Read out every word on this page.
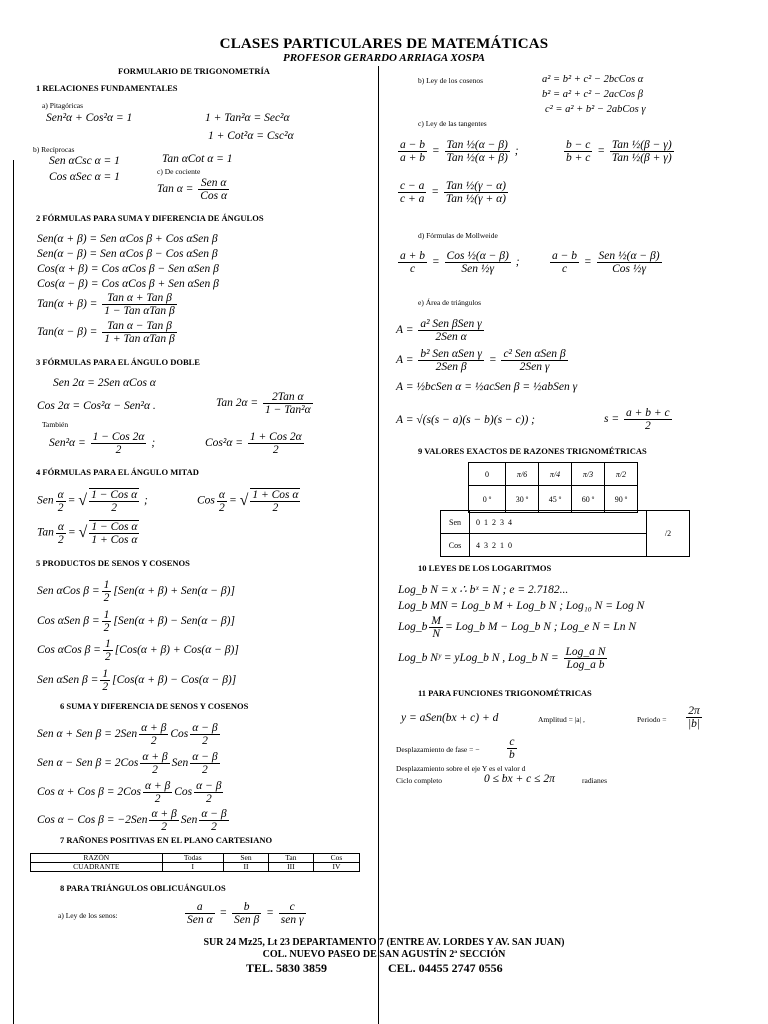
CLASES PARTICULARES DE MATEMÁTICAS
PROFESOR GERARDO ARRIAGA XOSPA
FORMULARIO DE TRIGONOMETRÍA
1 RELACIONES FUNDAMENTALES
a) Pitagóricas
Sen²α + Cos²α = 1	1 + Tan²α = Sec²α
1 + Cot²α = Csc²α
b) Recíprocas
Sen αCsc α = 1	Tan αCot α = 1
Cos αSec α = 1	c) De cociente
Tan α =
Sen α
Cos α
2 FÓRMULAS PARA SUMA Y DIFERENCIA DE ÁNGULOS
Sen(α + β) = Sen αCos β + Cos αSen β
Sen(α − β) = Sen αCos β − Cos αSen β
Cos(α + β) = Cos αCos β − Sen αSen β
Cos(α − β) = Cos αCos β + Sen αSen β
Tan(α + β) =
Tan α + Tan β
1 − Tan αTan β
Tan(α − β) =
Tan α − Tan β
1 + Tan αTan β
3 FÓRMULAS PARA EL ÁNGULO DOBLE
Sen 2α = 2Sen αCos α
Cos 2α = Cos²α − Sen²α .	Tan 2α =
2Tan α
1 − Tan²α
También
Sen²α =
1 − Cos 2α
2
;	Cos²α =
1 + Cos 2α
2
4 FÓRMULAS PARA EL ÁNGULO MITAD
Sen $\frac{\alpha}{2}$ = √ 1 − Cos α
2
;	Cos $\frac{\alpha}{2}$ = √ 1 + Cos α
2
Tan $\frac{\alpha}{2}$ = √ 1 − Cos α
1 + Cos α
5 PRODUCTOS DE SENOS Y COSENOS
Sen αCos $\beta = \frac{1}{2} [Sen(\alpha + \beta) + Sen(\alpha - \beta)]$
Cos αSen $\beta = \frac{1}{2} [Sen(\alpha + \beta) - Sen(\alpha - \beta)]$
Cos αCos $\beta = \frac{1}{2} [Cos(\alpha + \beta) + Cos(\alpha - \beta)]$
Sen αSen $\beta = \frac{1}{2} [Cos(\alpha + \beta) - Cos(\alpha - \beta)]$
6 SUMA Y DIFERENCIA DE SENOS Y COSENOS
Sen α + Sen $\beta = 2Sen \frac{\alpha + \beta}{2}$ Cos $\frac{\alpha - \beta}{2}$
Sen α − Sen $\beta = 2Cos \frac{\alpha + \beta}{2}$ Sen $\frac{\alpha - \beta}{2}$
Cos α + Cos $\beta = 2Cos \frac{\alpha + \beta}{2}$ Cos $\frac{\alpha - \beta}{2}$
Cos α − Cos $\beta = -2Sen \frac{\alpha + \beta}{2}$ Sen $\frac{\alpha - \beta}{2}$
7 RAÑONES POSITIVAS EN EL PLANO CARTESIANO
RAZÓN	Todas	Sen	Tan	Cos
CUADRANTE	I	II	III	IV
8 PARA TRIÁNGULOS OBLICUÁNGULOS
a) Ley de los senos:
a
Sen α
=
b
Sen β
=
c
sen γ
b) Ley de los cosenos	a² = b² + c² − 2bcCos α
b² = a² + c² − 2acCos β
c² = a² + b² − 2abCos γ
c) Ley de las tangentes
$\frac{a - b}{a + b}$ =
Tan ½(α − β)
Tan ½(α + β)
;	$\frac{b - c}{b + c}$ =
Tan ½(β − γ)
Tan ½(β + γ)
$\frac{c - a}{c + a}$ =
Tan ½(γ − α)
Tan ½(γ + α)
d) Fórmulas de Mollweide
$\frac{a + b}{c}$ =
Cos ½(α − β)
Sen ½γ
;	$\frac{a - b}{c}$ =
Sen ½(α − β)
Cos ½γ
e) Área de triángulos
A =
a² Sen βSen γ
2Sen α
A =
b² Sen αSen γ
2Sen β
=
c² Sen αSen β
2Sen γ
A = ½bcSen α = ½acSen β = ½abSen γ
A = √(s(s − a)(s − b)(s − c)) ;	$s = \frac{a + b + c}{2}$
9 VALORES EXACTOS DE RAZONES TRIGNOMÉTRICAS
0	π/6	π/4	π/3	π/2
0 º	30 º	45 º	60 º	90 º
Sen	0 1 2 3 4	/2
Cos	4 3 2 1 0	
10 LEYES DE LOS LOGARITMOS
Log_b N = x ∴ bˣ = N ; e = 2.7182...
Log_b MN = Log_b M + Log_b N ; Log₁₀ N = Log N
Log_b $\frac{M}{N}$ = Log_b M − Log_b N ; Log_e N = Ln N
Log_b Nʸ = yLog_b N , Log_b N =
Log_a N
Log_a b
11 PARA FUNCIONES TRIGONOMÉTRICAS
y = aSen(bx + c) + d	Amplitud = |a| ,	Periodo = $\frac{2\pi}{|b|}$
Desplazamiento de fase = − $\frac{c}{b}$
Desplazamiento sobre el eje Y es el valor d
Ciclo completo	0 ≤ bx + c ≤ 2π	radianes
SUR 24 Mz25, Lt 23 DEPARTAMENTO 7 (ENTRE AV. LORDES Y AV. SAN JUAN)
COL. NUEVO PASEO DE SAN AGUSTÍN 2ª SECCIÓN
TEL. 5830 3859	CEL. 04455 2747 0556
